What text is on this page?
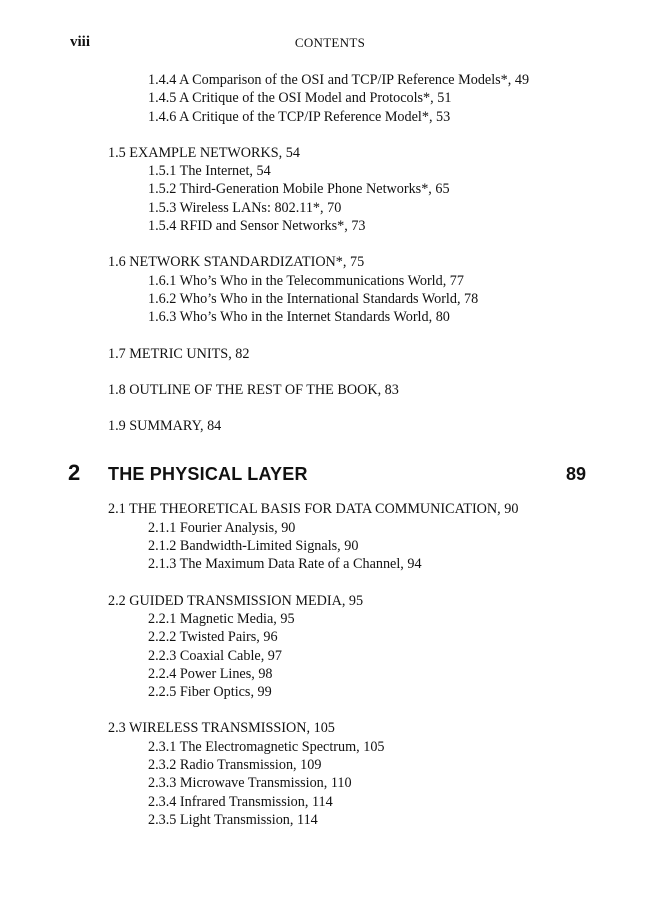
viii	CONTENTS
1.4.4 A Comparison of the OSI and TCP/IP Reference Models*, 49
1.4.5 A Critique of the OSI Model and Protocols*, 51
1.4.6 A Critique of the TCP/IP Reference Model*, 53
1.5 EXAMPLE NETWORKS, 54
1.5.1 The Internet, 54
1.5.2 Third-Generation Mobile Phone Networks*, 65
1.5.3 Wireless LANs: 802.11*, 70
1.5.4 RFID and Sensor Networks*, 73
1.6 NETWORK STANDARDIZATION*, 75
1.6.1 Who’s Who in the Telecommunications World, 77
1.6.2 Who’s Who in the International Standards World, 78
1.6.3 Who’s Who in the Internet Standards World, 80
1.7 METRIC UNITS, 82
1.8 OUTLINE OF THE REST OF THE BOOK, 83
1.9 SUMMARY, 84
2 THE PHYSICAL LAYER	89
2.1 THE THEORETICAL BASIS FOR DATA COMMUNICATION, 90
2.1.1 Fourier Analysis, 90
2.1.2 Bandwidth-Limited Signals, 90
2.1.3 The Maximum Data Rate of a Channel, 94
2.2 GUIDED TRANSMISSION MEDIA, 95
2.2.1 Magnetic Media, 95
2.2.2 Twisted Pairs, 96
2.2.3 Coaxial Cable, 97
2.2.4 Power Lines, 98
2.2.5 Fiber Optics, 99
2.3 WIRELESS TRANSMISSION, 105
2.3.1 The Electromagnetic Spectrum, 105
2.3.2 Radio Transmission, 109
2.3.3 Microwave Transmission, 110
2.3.4 Infrared Transmission, 114
2.3.5 Light Transmission, 114
